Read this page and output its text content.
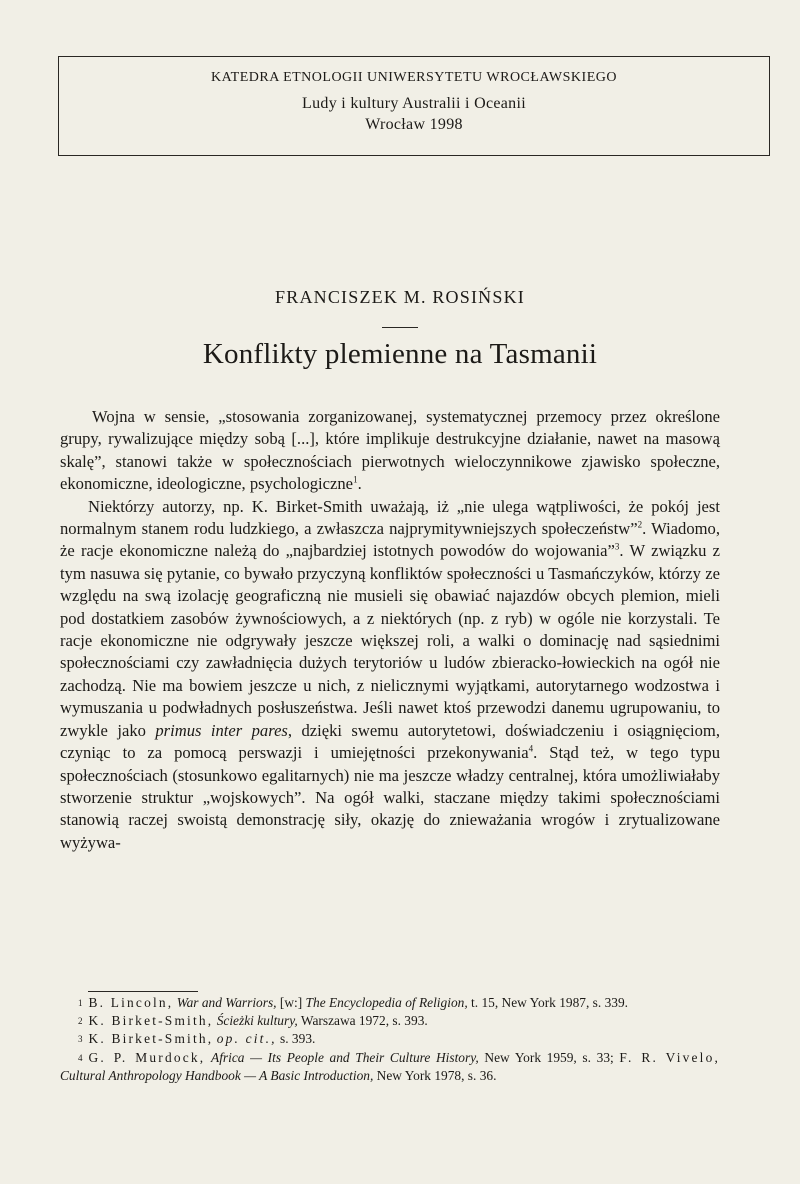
KATEDRA ETNOLOGII UNIWERSYTETU WROCŁAWSKIEGO
Ludy i kultury Australii i Oceanii
Wrocław 1998
FRANCISZEK M. ROSIŃSKI
Konflikty plemienne na Tasmanii

Wojna w sensie, „stosowania zorganizowanej, systematycznej przemocy przez określone grupy, rywalizujące między sobą [...], które implikuje destrukcyjne działanie, nawet na masową skalę”, stanowi także w społecznościach pierwotnych wieloczynnikowe zjawisko społeczne, ekonomiczne, ideologiczne, psychologiczne$^1$.

Niektórzy autorzy, np. K. Birket-Smith uważają, iż „nie ulega wątpliwości, że pokój jest normalnym stanem rodu ludzkiego, a zwłaszcza najprymitywniejszych społeczeństw”$^2$. Wiadomo, że racje ekonomiczne należą do „najbardziej istotnych powodów do wojowania”$^3$. W związku z tym nasuwa się pytanie, co bywało przyczyną konfliktów społeczności u Tasmańczyków, którzy ze względu na swą izolację geograficzną nie musieli się obawiać najazdów obcych plemion, mieli pod dostatkiem zasobów żywnościowych, a z niektórych (np. z ryb) w ogóle nie korzystali. Te racje ekonomiczne nie odgrywały jeszcze większej roli, a walki o dominację nad sąsiednimi społecznościami czy zawładnięcia dużych terytoriów u ludów zbieracko-łowieckich na ogół nie zachodzą. Nie ma bowiem jeszcze u nich, z nielicznymi wyjątkami, autorytarnego wodzostwa i wymuszania u podwładnych posłuszeństwa. Jeśli nawet ktoś przewodzi danemu ugrupowaniu, to zwykle jako primus inter pares, dzięki swemu autorytetowi, doświadczeniu i osiągnięciom, czyniąc to za pomocą perswazji i umiejętności przekonywania$^4$. Stąd też, w tego typu społecznościach (stosunkowo egalitarnych) nie ma jeszcze władzy centralnej, która umożliwiałaby stworzenie struktur „wojskowych”. Na ogół walki, staczane między takimi społecznościami stanowią raczej swoistą demonstrację siły, okazję do znieważania wrogów i zrytualizowane wyżywa-

$^1$ B. Lincoln, War and Warriors, [w:] The Encyclopedia of Religion, t. 15, New York 1987, s. 339.

$^2$ K. Birket-Smith, Ścieżki kultury, Warszawa 1972, s. 393.

$^3$ K. Birket-Smith, op. cit., s. 393.

$^4$ G. P. Murdock, Africa — Its People and Their Culture History, New York 1959, s. 33; F. R. Vivelo, Cultural Anthropology Handbook — A Basic Introduction, New York 1978, s. 36.
